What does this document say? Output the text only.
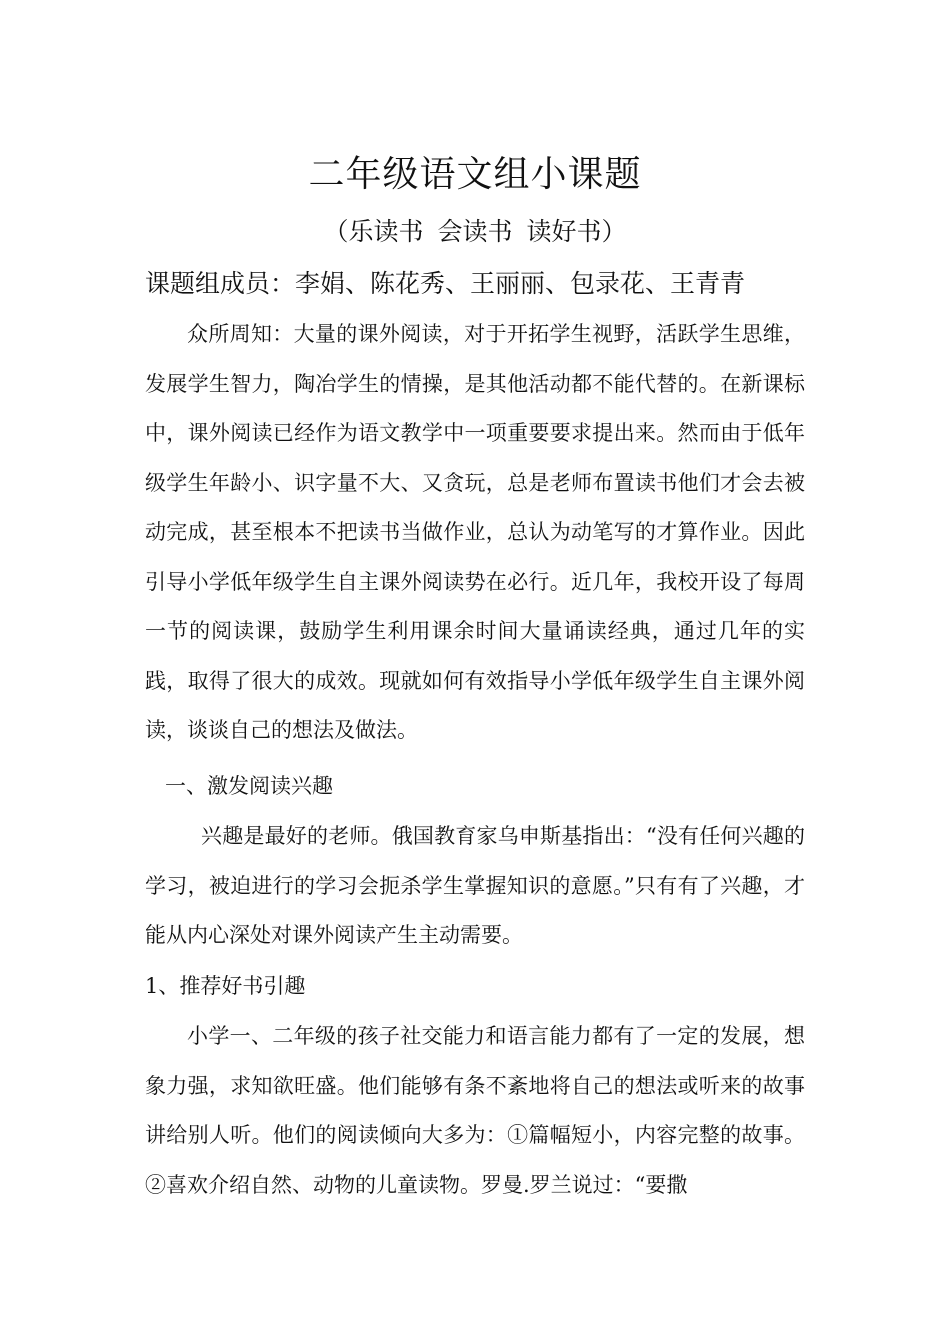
二年级语文组小课题
（乐读书 会读书 读好书）
课题组成员：李娟、陈花秀、王丽丽、包录花、王青青
众所周知：大量的课外阅读，对于开拓学生视野，活跃学生思维，发展学生智力，陶冶学生的情操，是其他活动都不能代替的。在新课标中，课外阅读已经作为语文教学中一项重要要求提出来。然而由于低年级学生年龄小、识字量不大、又贪玩，总是老师布置读书他们才会去被动完成，甚至根本不把读书当做作业，总认为动笔写的才算作业。因此引导小学低年级学生自主课外阅读势在必行。近几年，我校开设了每周一节的阅读课，鼓励学生利用课余时间大量诵读经典，通过几年的实践，取得了很大的成效。现就如何有效指导小学低年级学生自主课外阅读，谈谈自己的想法及做法。
一、激发阅读兴趣
兴趣是最好的老师。俄国教育家乌申斯基指出：“没有任何兴趣的学习，被迫进行的学习会扼杀学生掌握知识的意愿。”只有有了兴趣，才能从内心深处对课外阅读产生主动需要。
1、推荐好书引趣
小学一、二年级的孩子社交能力和语言能力都有了一定的发展，想象力强，求知欲旺盛。他们能够有条不紊地将自己的想法或听来的故事讲给别人听。他们的阅读倾向大多为：①篇幅短小，内容完整的故事。②喜欢介绍自然、动物的儿童读物。罗曼.罗兰说过：“要撒
